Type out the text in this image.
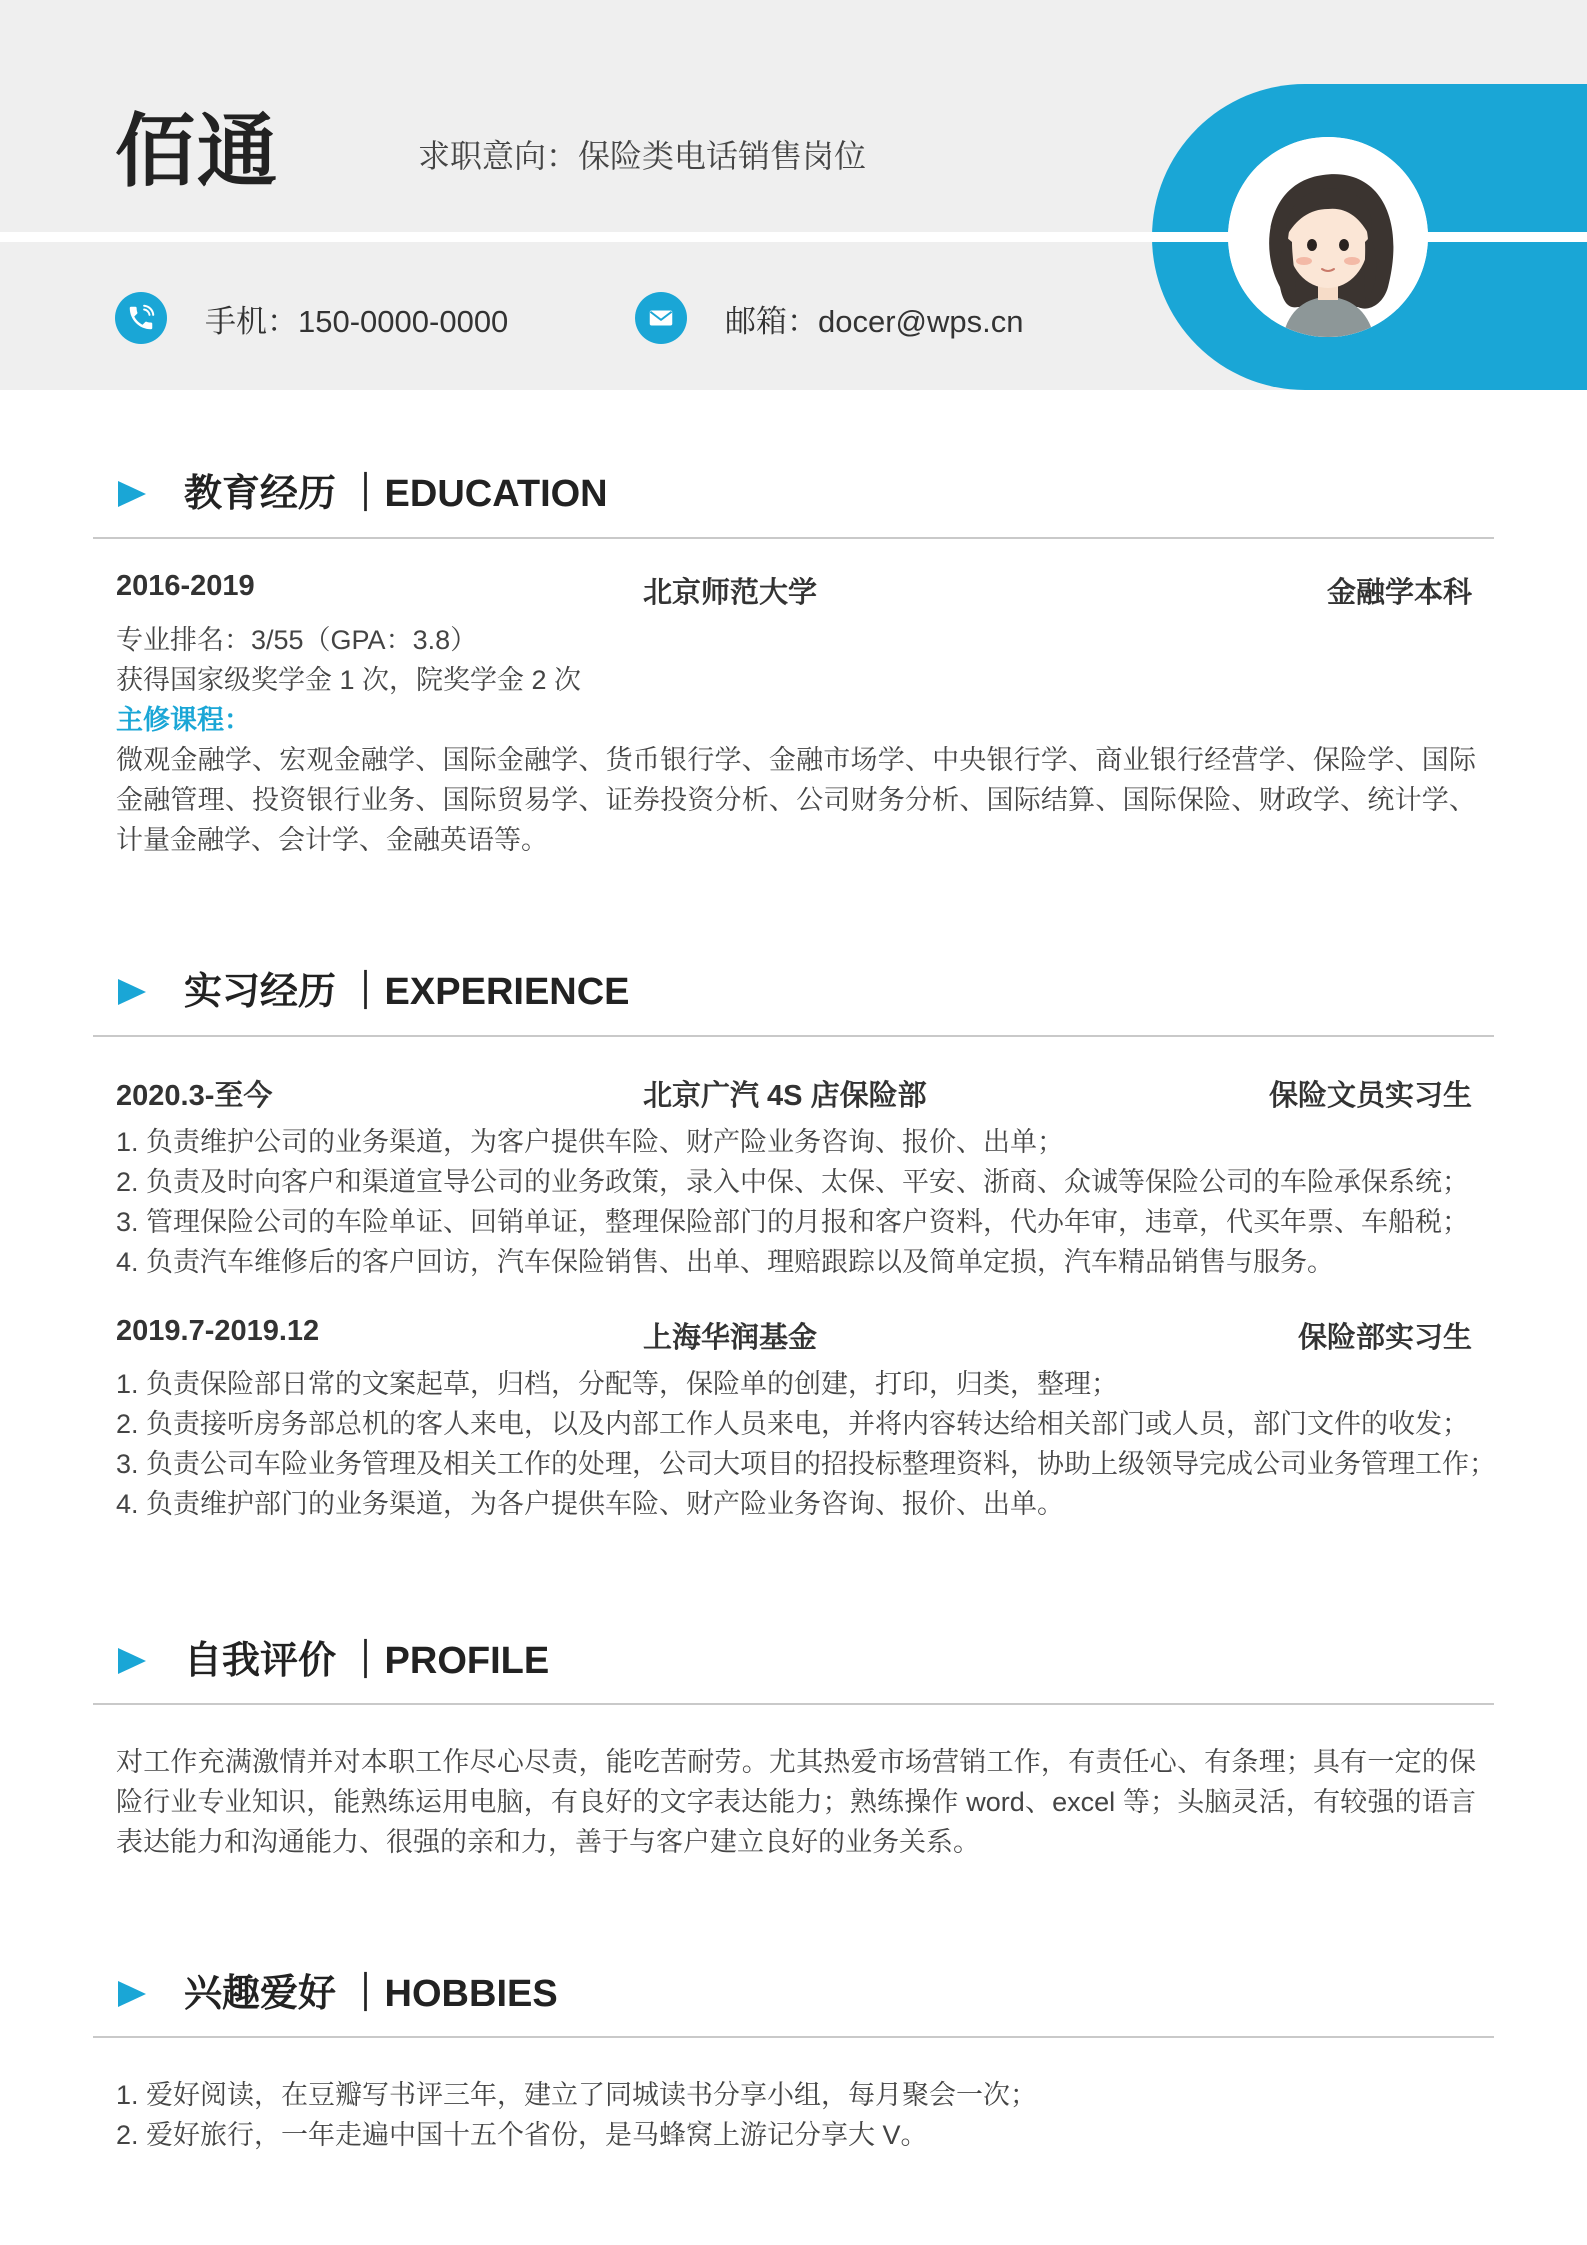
佰通	求职意向：保险类电话销售岗位
手机：150-0000-0000	邮箱：docer@wps.cn
教育经历 ｜EDUCATION
2016-2019	北京师范大学	金融学本科
专业排名：3/55（GPA：3.8）
获得国家级奖学金 1 次，院奖学金 2 次
主修课程：
微观金融学、宏观金融学、国际金融学、货币银行学、金融市场学、中央银行学、商业银行经营学、保险学、国际金融管理、投资银行业务、国际贸易学、证券投资分析、公司财务分析、国际结算、国际保险、财政学、统计学、计量金融学、会计学、金融英语等。
实习经历 ｜EXPERIENCE
2020.3-至今	北京广汽 4S 店保险部	保险文员实习生
1. 负责维护公司的业务渠道，为客户提供车险、财产险业务咨询、报价、出单；
2. 负责及时向客户和渠道宣导公司的业务政策，录入中保、太保、平安、浙商、众诚等保险公司的车险承保系统；
3. 管理保险公司的车险单证、回销单证，整理保险部门的月报和客户资料，代办年审，违章，代买年票、车船税；
4. 负责汽车维修后的客户回访，汽车保险销售、出单、理赔跟踪以及简单定损，汽车精品销售与服务。
2019.7-2019.12	上海华润基金	保险部实习生
1. 负责保险部日常的文案起草，归档，分配等，保险单的创建，打印，归类，整理；
2. 负责接听房务部总机的客人来电，以及内部工作人员来电，并将内容转达给相关部门或人员，部门文件的收发；
3. 负责公司车险业务管理及相关工作的处理，公司大项目的招投标整理资料，协助上级领导完成公司业务管理工作；
4. 负责维护部门的业务渠道，为各户提供车险、财产险业务咨询、报价、出单。
自我评价 ｜PROFILE
对工作充满激情并对本职工作尽心尽责，能吃苦耐劳。尤其热爱市场营销工作，有责任心、有条理；具有一定的保险行业专业知识，能熟练运用电脑，有良好的文字表达能力；熟练操作 word、excel 等；头脑灵活，有较强的语言表达能力和沟通能力、很强的亲和力，善于与客户建立良好的业务关系。
兴趣爱好 ｜HOBBIES
1. 爱好阅读，在豆瓣写书评三年，建立了同城读书分享小组，每月聚会一次；
2. 爱好旅行，一年走遍中国十五个省份，是马蜂窝上游记分享大 V。
